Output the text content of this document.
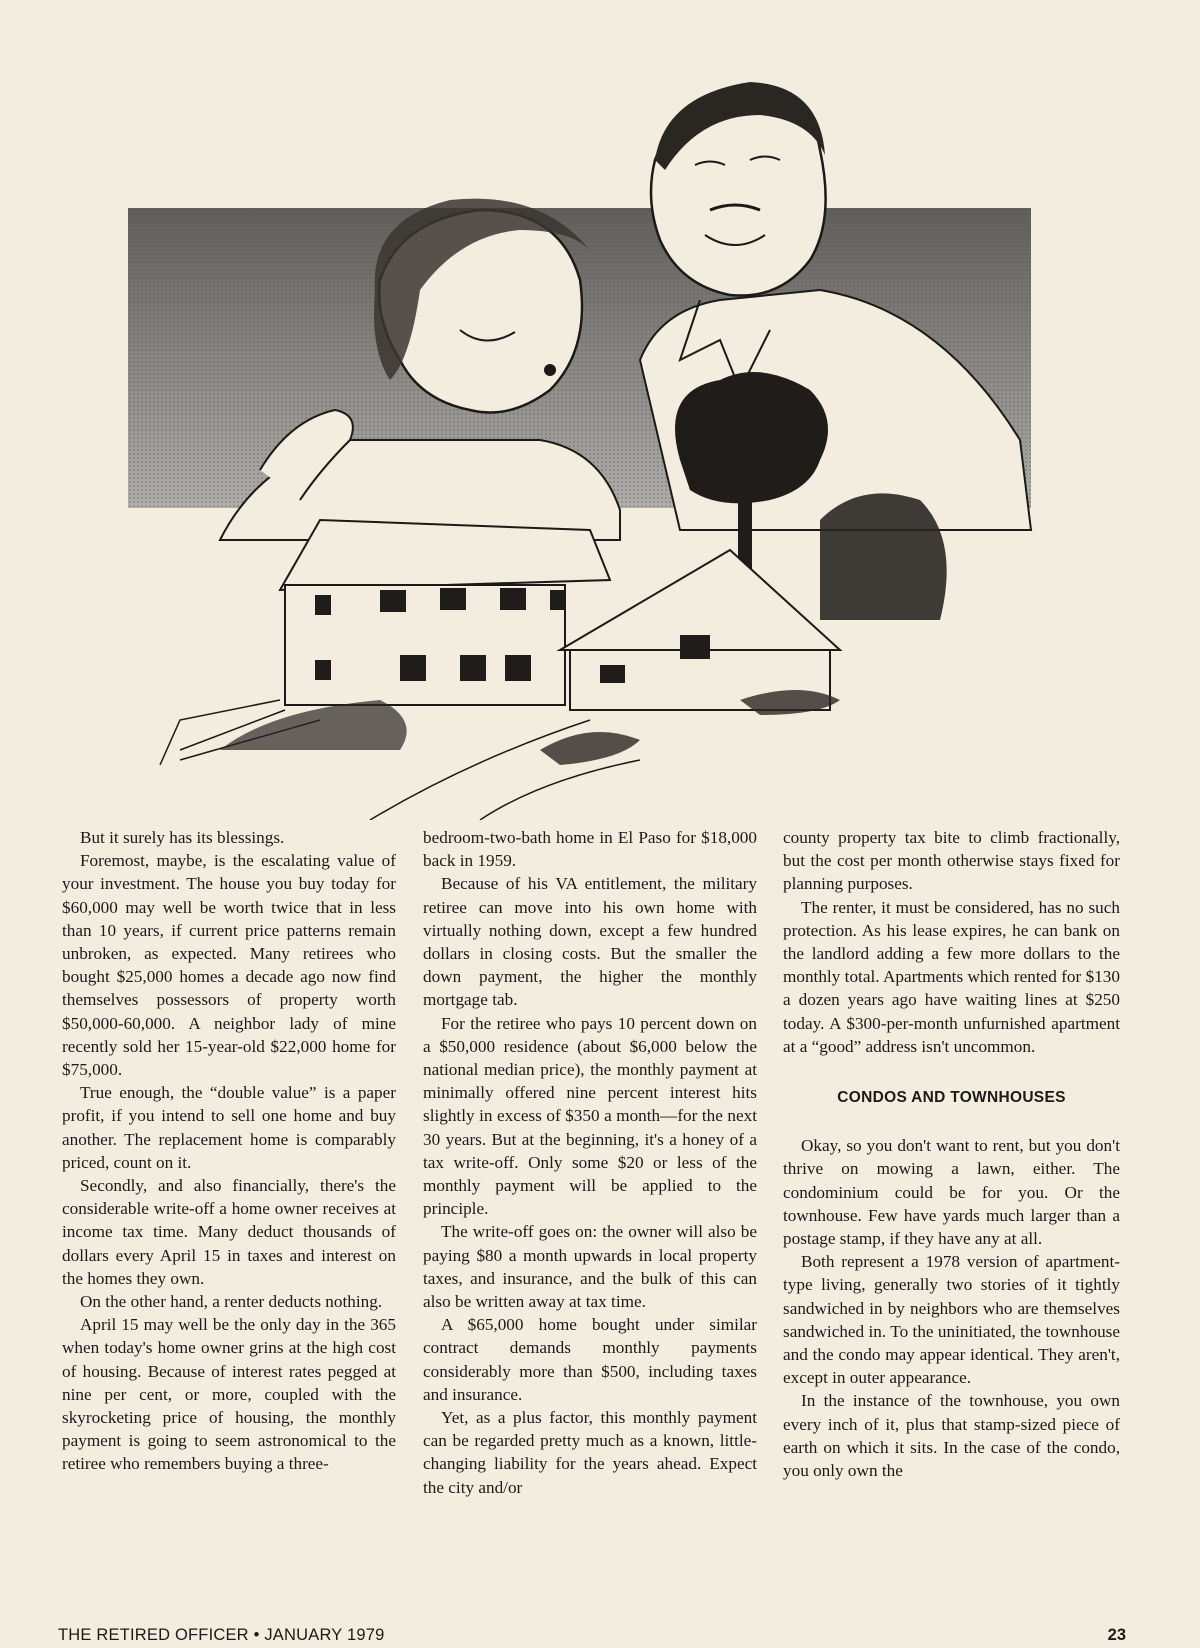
But it surely has its blessings.

Foremost, maybe, is the escalating value of your investment. The house you buy today for $60,000 may well be worth twice that in less than 10 years, if current price patterns remain unbroken, as expected. Many retirees who bought $25,000 homes a decade ago now find themselves possessors of property worth $50,000-60,000. A neighbor lady of mine recently sold her 15-year-old $22,000 home for $75,000.

True enough, the “double value” is a paper profit, if you intend to sell one home and buy another. The replacement home is comparably priced, count on it.

Secondly, and also financially, there's the considerable write-off a home owner receives at income tax time. Many deduct thousands of dollars every April 15 in taxes and interest on the homes they own.

On the other hand, a renter deducts nothing.

April 15 may well be the only day in the 365 when today's home owner grins at the high cost of housing. Because of interest rates pegged at nine per cent, or more, coupled with the skyrocketing price of housing, the monthly payment is going to seem astronomical to the retiree who remembers buying a three-

bedroom-two-bath home in El Paso for $18,000 back in 1959.

Because of his VA entitlement, the military retiree can move into his own home with virtually nothing down, except a few hundred dollars in closing costs. But the smaller the down payment, the higher the monthly mortgage tab.

For the retiree who pays 10 percent down on a $50,000 residence (about $6,000 below the national median price), the monthly payment at minimally offered nine percent interest hits slightly in excess of $350 a month—for the next 30 years. But at the beginning, it's a honey of a tax write-off. Only some $20 or less of the monthly payment will be applied to the principle.

The write-off goes on: the owner will also be paying $80 a month upwards in local property taxes, and insurance, and the bulk of this can also be written away at tax time.

A $65,000 home bought under similar contract demands monthly payments considerably more than $500, including taxes and insurance.

Yet, as a plus factor, this monthly payment can be regarded pretty much as a known, little-changing liability for the years ahead. Expect the city and/or

county property tax bite to climb fractionally, but the cost per month otherwise stays fixed for planning purposes.

The renter, it must be considered, has no such protection. As his lease expires, he can bank on the landlord adding a few more dollars to the monthly total. Apartments which rented for $130 a dozen years ago have waiting lines at $250 today. A $300-per-month unfurnished apartment at a “good” address isn't uncommon.

CONDOS AND TOWNHOUSES

Okay, so you don't want to rent, but you don't thrive on mowing a lawn, either. The condominium could be for you. Or the townhouse. Few have yards much larger than a postage stamp, if they have any at all.

Both represent a 1978 version of apartment-type living, generally two stories of it tightly sandwiched in by neighbors who are themselves sandwiched in. To the uninitiated, the townhouse and the condo may appear identical. They aren't, except in outer appearance.

In the instance of the townhouse, you own every inch of it, plus that stamp-sized piece of earth on which it sits. In the case of the condo, you only own the

THE RETIRED OFFICER • JANUARY 1979	23
